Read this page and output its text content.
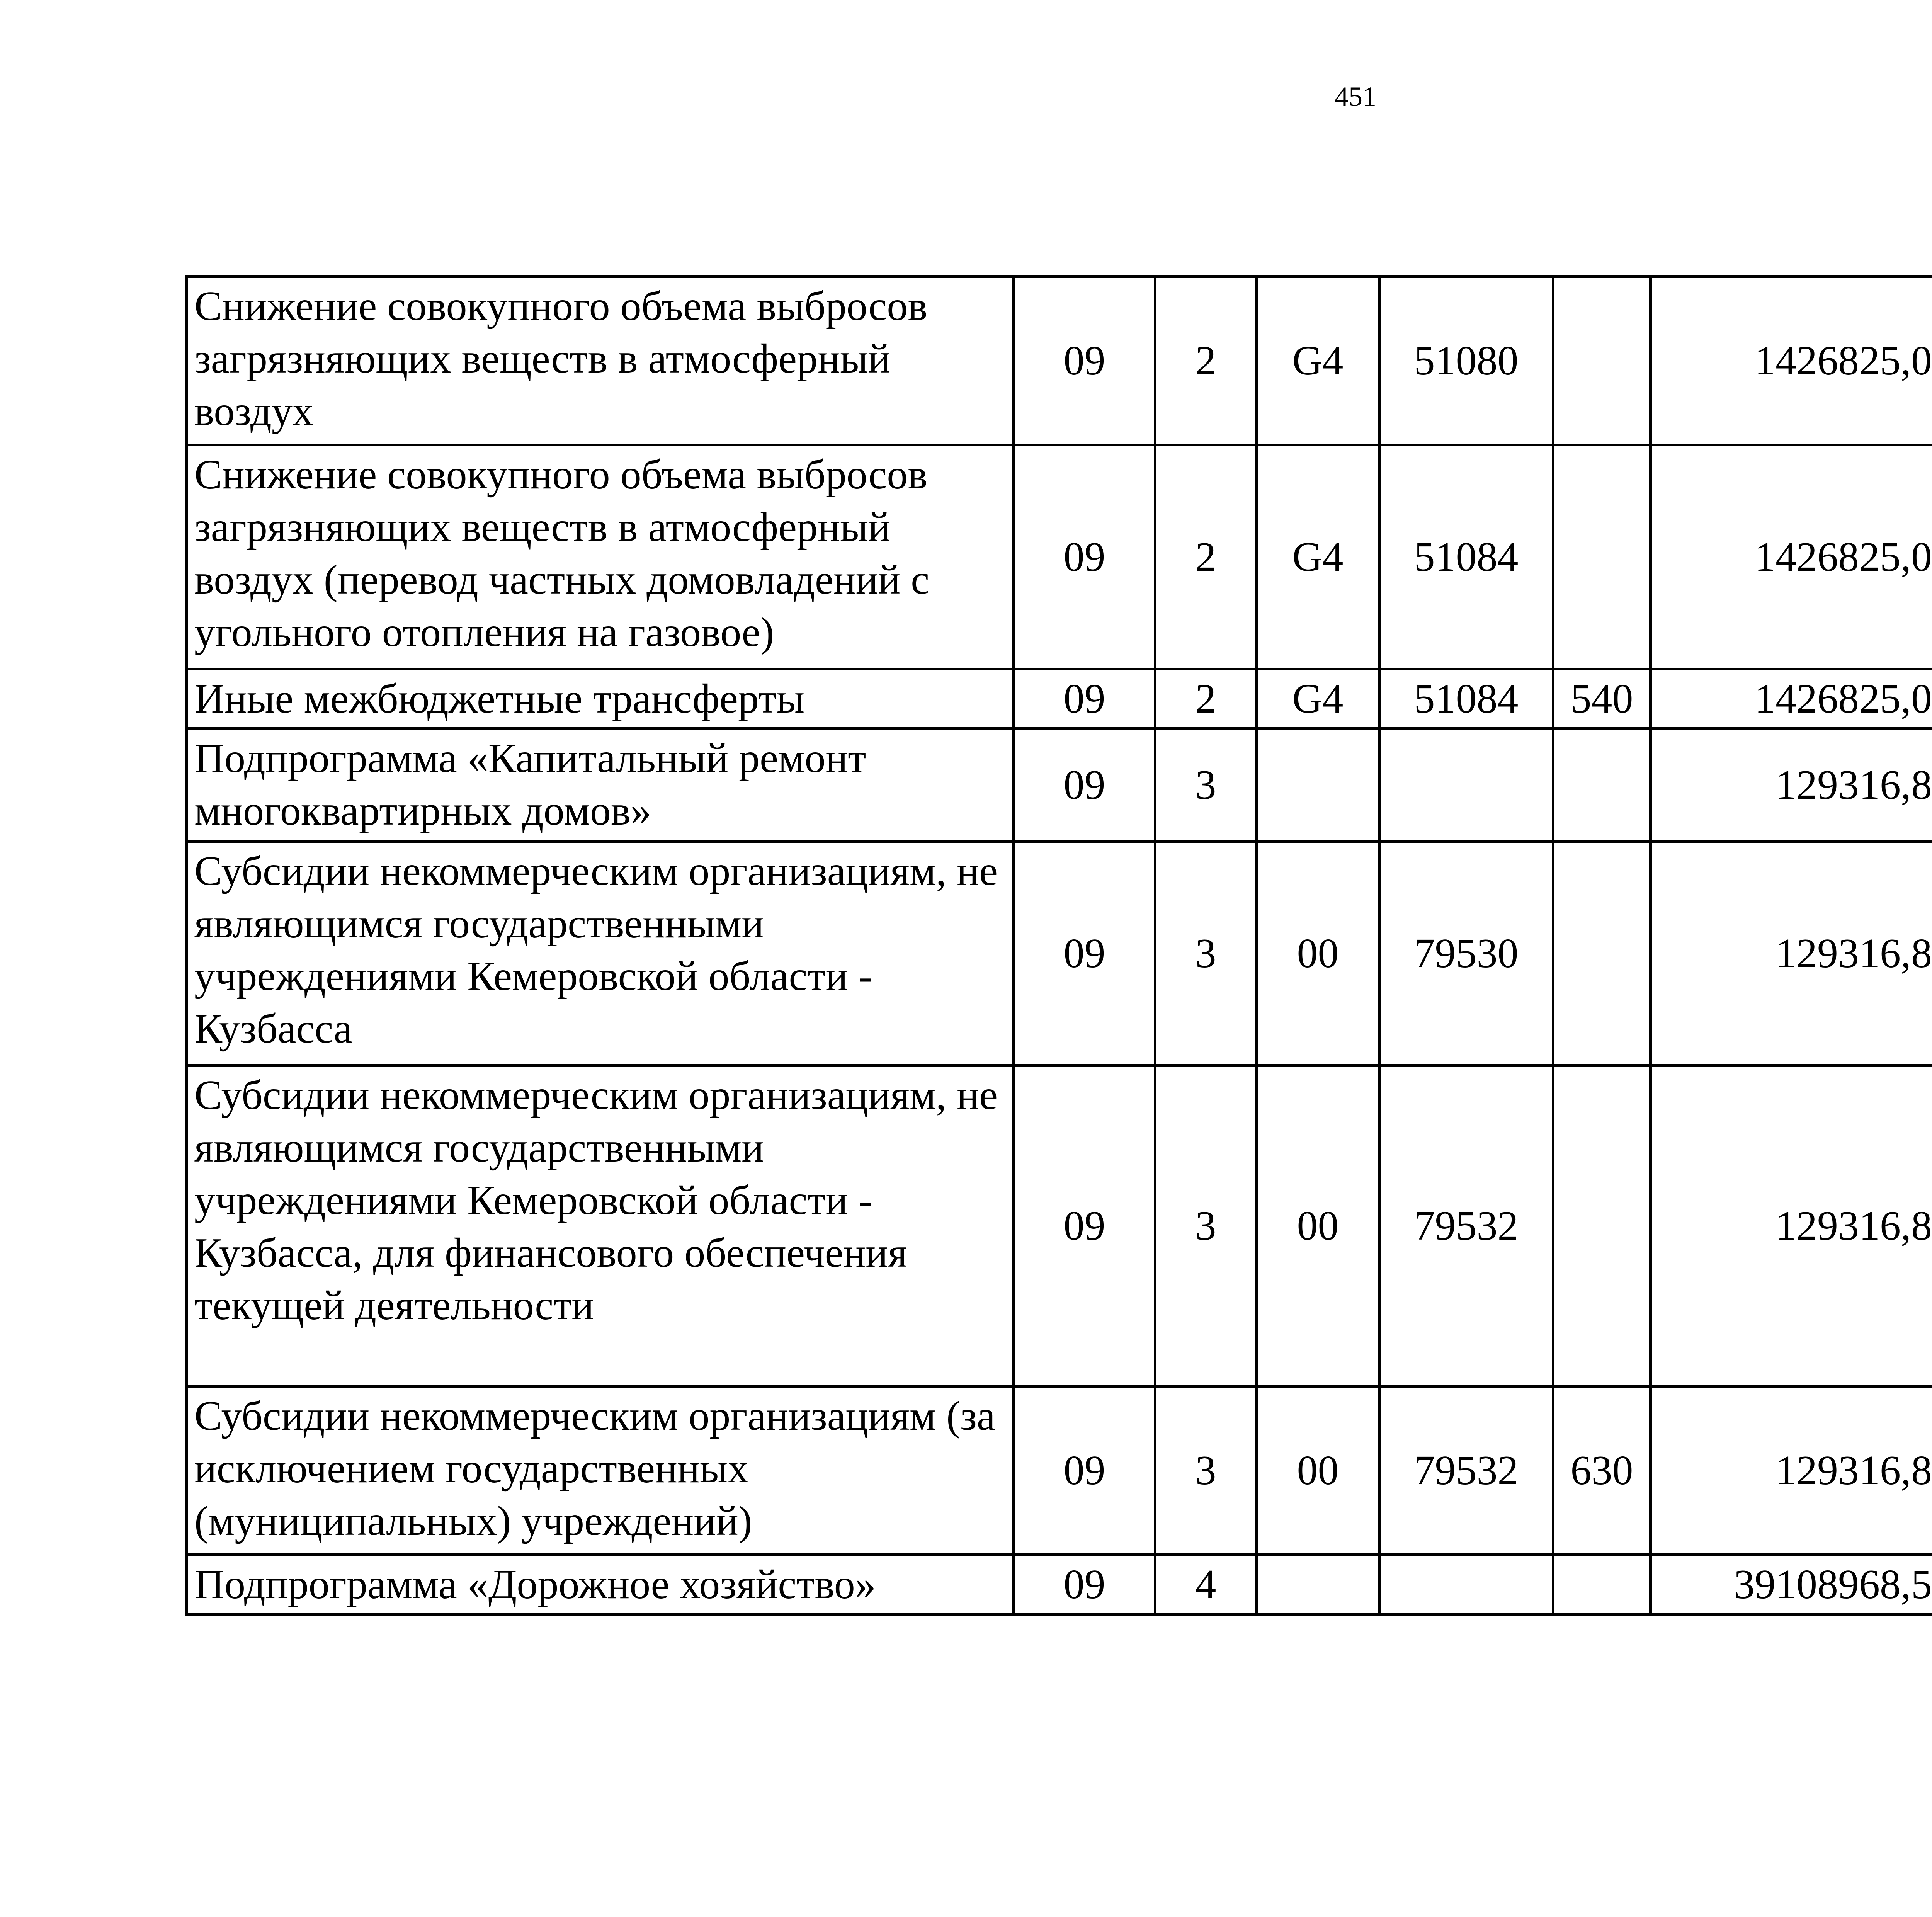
451
Снижение совокупного объема выбросов загрязняющих веществ в атмосферный воздух	09	2	G4	51080		1426825,0		
Снижение совокупного объема выбросов загрязняющих веществ в атмосферный воздух (перевод частных домовладений с угольного отопления на газовое)	09	2	G4	51084		1426825,0		
Иные межбюджетные трансферты	09	2	G4	51084	540	1426825,0		
Подпрограмма «Капитальный ремонт многоквартирных домов»	09	3				129316,8		
Субсидии некоммерческим организациям, не являющимся государственными учреждениями Кемеровской области - Кузбасса	09	3	00	79530		129316,8		
Субсидии некоммерческим организациям, не являющимся государственными учреждениями Кемеровской области - Кузбасса, для финансового обеспечения текущей деятельности	09	3	00	79532		129316,8		
Субсидии некоммерческим организациям (за исключением государственных (муниципальных) учреждений)	09	3	00	79532	630	129316,8		
Подпрограмма «Дорожное хозяйство»	09	4				39108968,5		
